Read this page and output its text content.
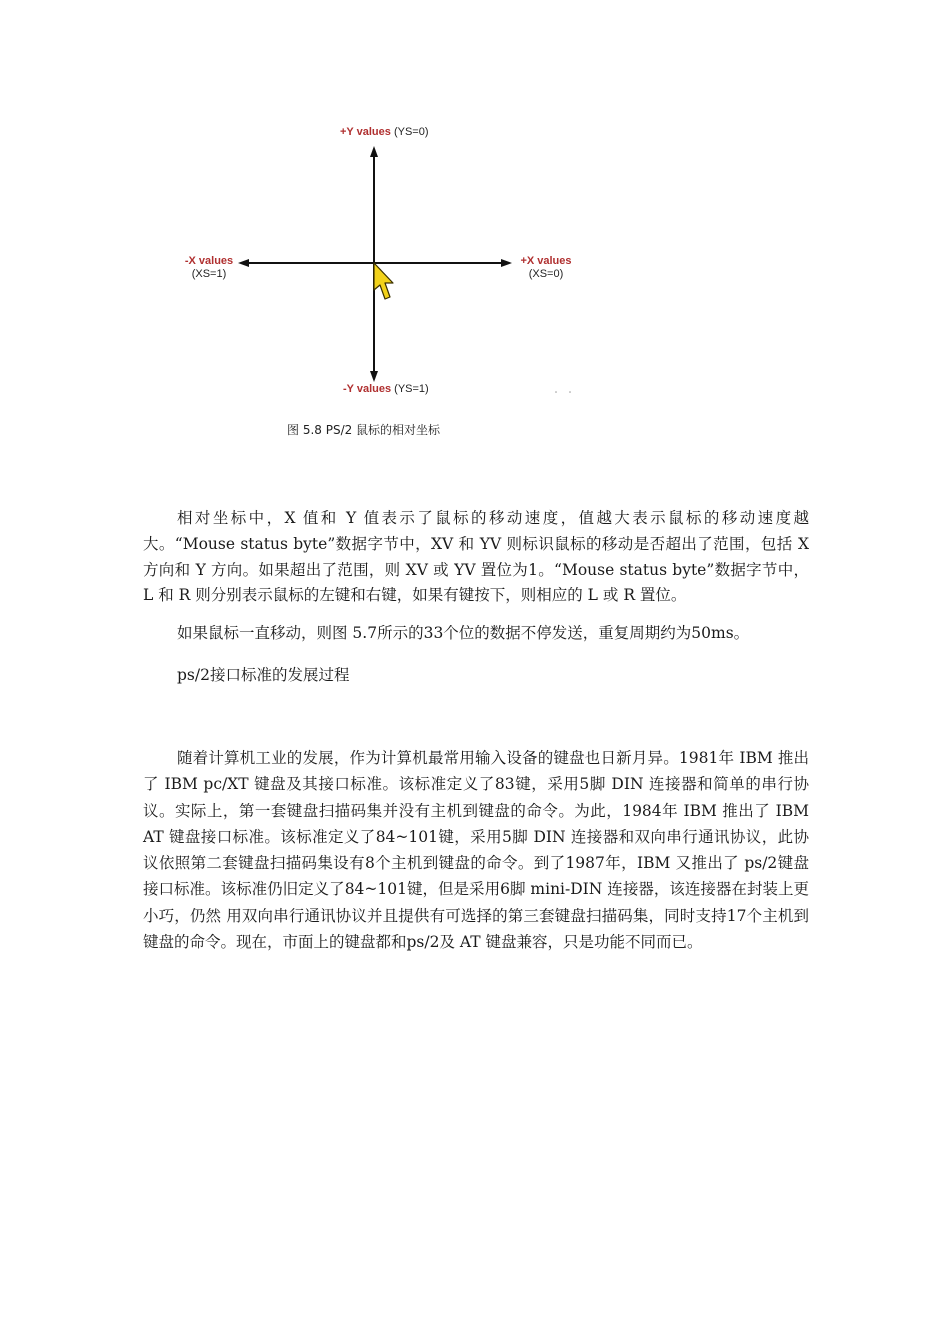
+Y values (YS=0)
-Y values (YS=1)
-X values
(XS=1)
+X values
(XS=0)
图 5.8 PS/2 鼠标的相对坐标

相对坐标中，X 值和 Y 值表示了鼠标的移动速度，值越大表示鼠标的移动速度越大。“Mouse status byte”数据字节中，XV 和 YV 则标识鼠标的移动是否超出了范围，包括 X 方向和 Y 方向。如果超出了范围，则 XV 或 YV 置位为1。“Mouse status byte”数据字节中，L 和 R 则分别表示鼠标的左键和右键，如果有键按下，则相应的 L 或 R 置位。

如果鼠标一直移动，则图 5.7所示的33个位的数据不停发送，重复周期约为50ms。

ps/2接口标准的发展过程

随着计算机工业的发展，作为计算机最常用输入设备的键盘也日新月异。1981年 IBM 推出了 IBM pc/XT 键盘及其接口标准。该标准定义了83键，采用5脚 DIN 连接器和简单的串行协议。实际上，第一套键盘扫描码集并没有主机到键盘的命令。为此，1984年 IBM 推出了 IBM AT 键盘接口标准。该标准定义了84~101键，采用5脚 DIN 连接器和双向串行通讯协议，此协议依照第二套键盘扫描码集设有8个主机到键盘的命令。到了1987年，IBM 又推出了 ps/2键盘接口标准。该标准仍旧定义了84~101键，但是采用6脚 mini-DIN 连接器，该连接器在封装上更小巧，仍然 用双向串行通讯协议并且提供有可选择的第三套键盘扫描码集，同时支持17个主机到键盘的命令。现在，市面上的键盘都和ps/2及 AT 键盘兼容，只是功能不同而已。
